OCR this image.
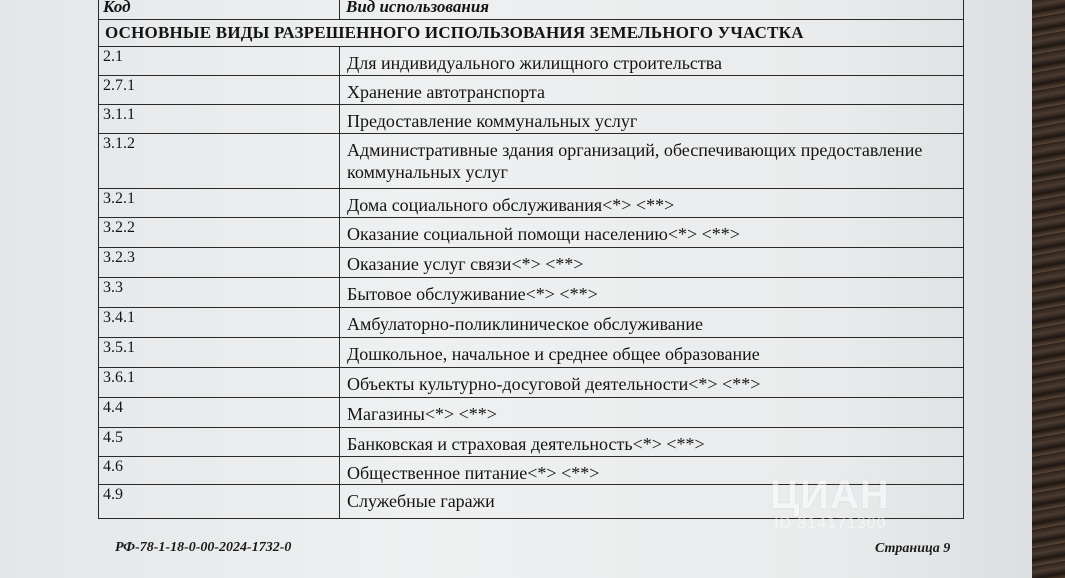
Код	Вид использования
ОСНОВНЫЕ ВИДЫ РАЗРЕШЕННОГО ИСПОЛЬЗОВАНИЯ ЗЕМЕЛЬНОГО УЧАСТКА	
2.1	Для индивидуального жилищного строительства
2.7.1	Хранение автотранспорта
3.1.1	Предоставление коммунальных услуг
3.1.2	Административные здания организаций, обеспечивающих предоставление коммунальных услуг
3.2.1	Дома социального обслуживания<*> <**>
3.2.2	Оказание социальной помощи населению<*> <**>
3.2.3	Оказание услуг связи<*> <**>
3.3	Бытовое обслуживание<*> <**>
3.4.1	Амбулаторно-поликлиническое обслуживание
3.5.1	Дошкольное, начальное и среднее общее образование
3.6.1	Объекты культурно-досуговой деятельности<*> <**>
4.4	Магазины<*> <**>
4.5	Банковская и страховая деятельность<*> <**>
4.6	Общественное питание<*> <**>
4.9	Служебные гаражи	ЦИАН
ID 314171300
РФ-78-1-18-0-00-2024-1732-0	Страница 9
